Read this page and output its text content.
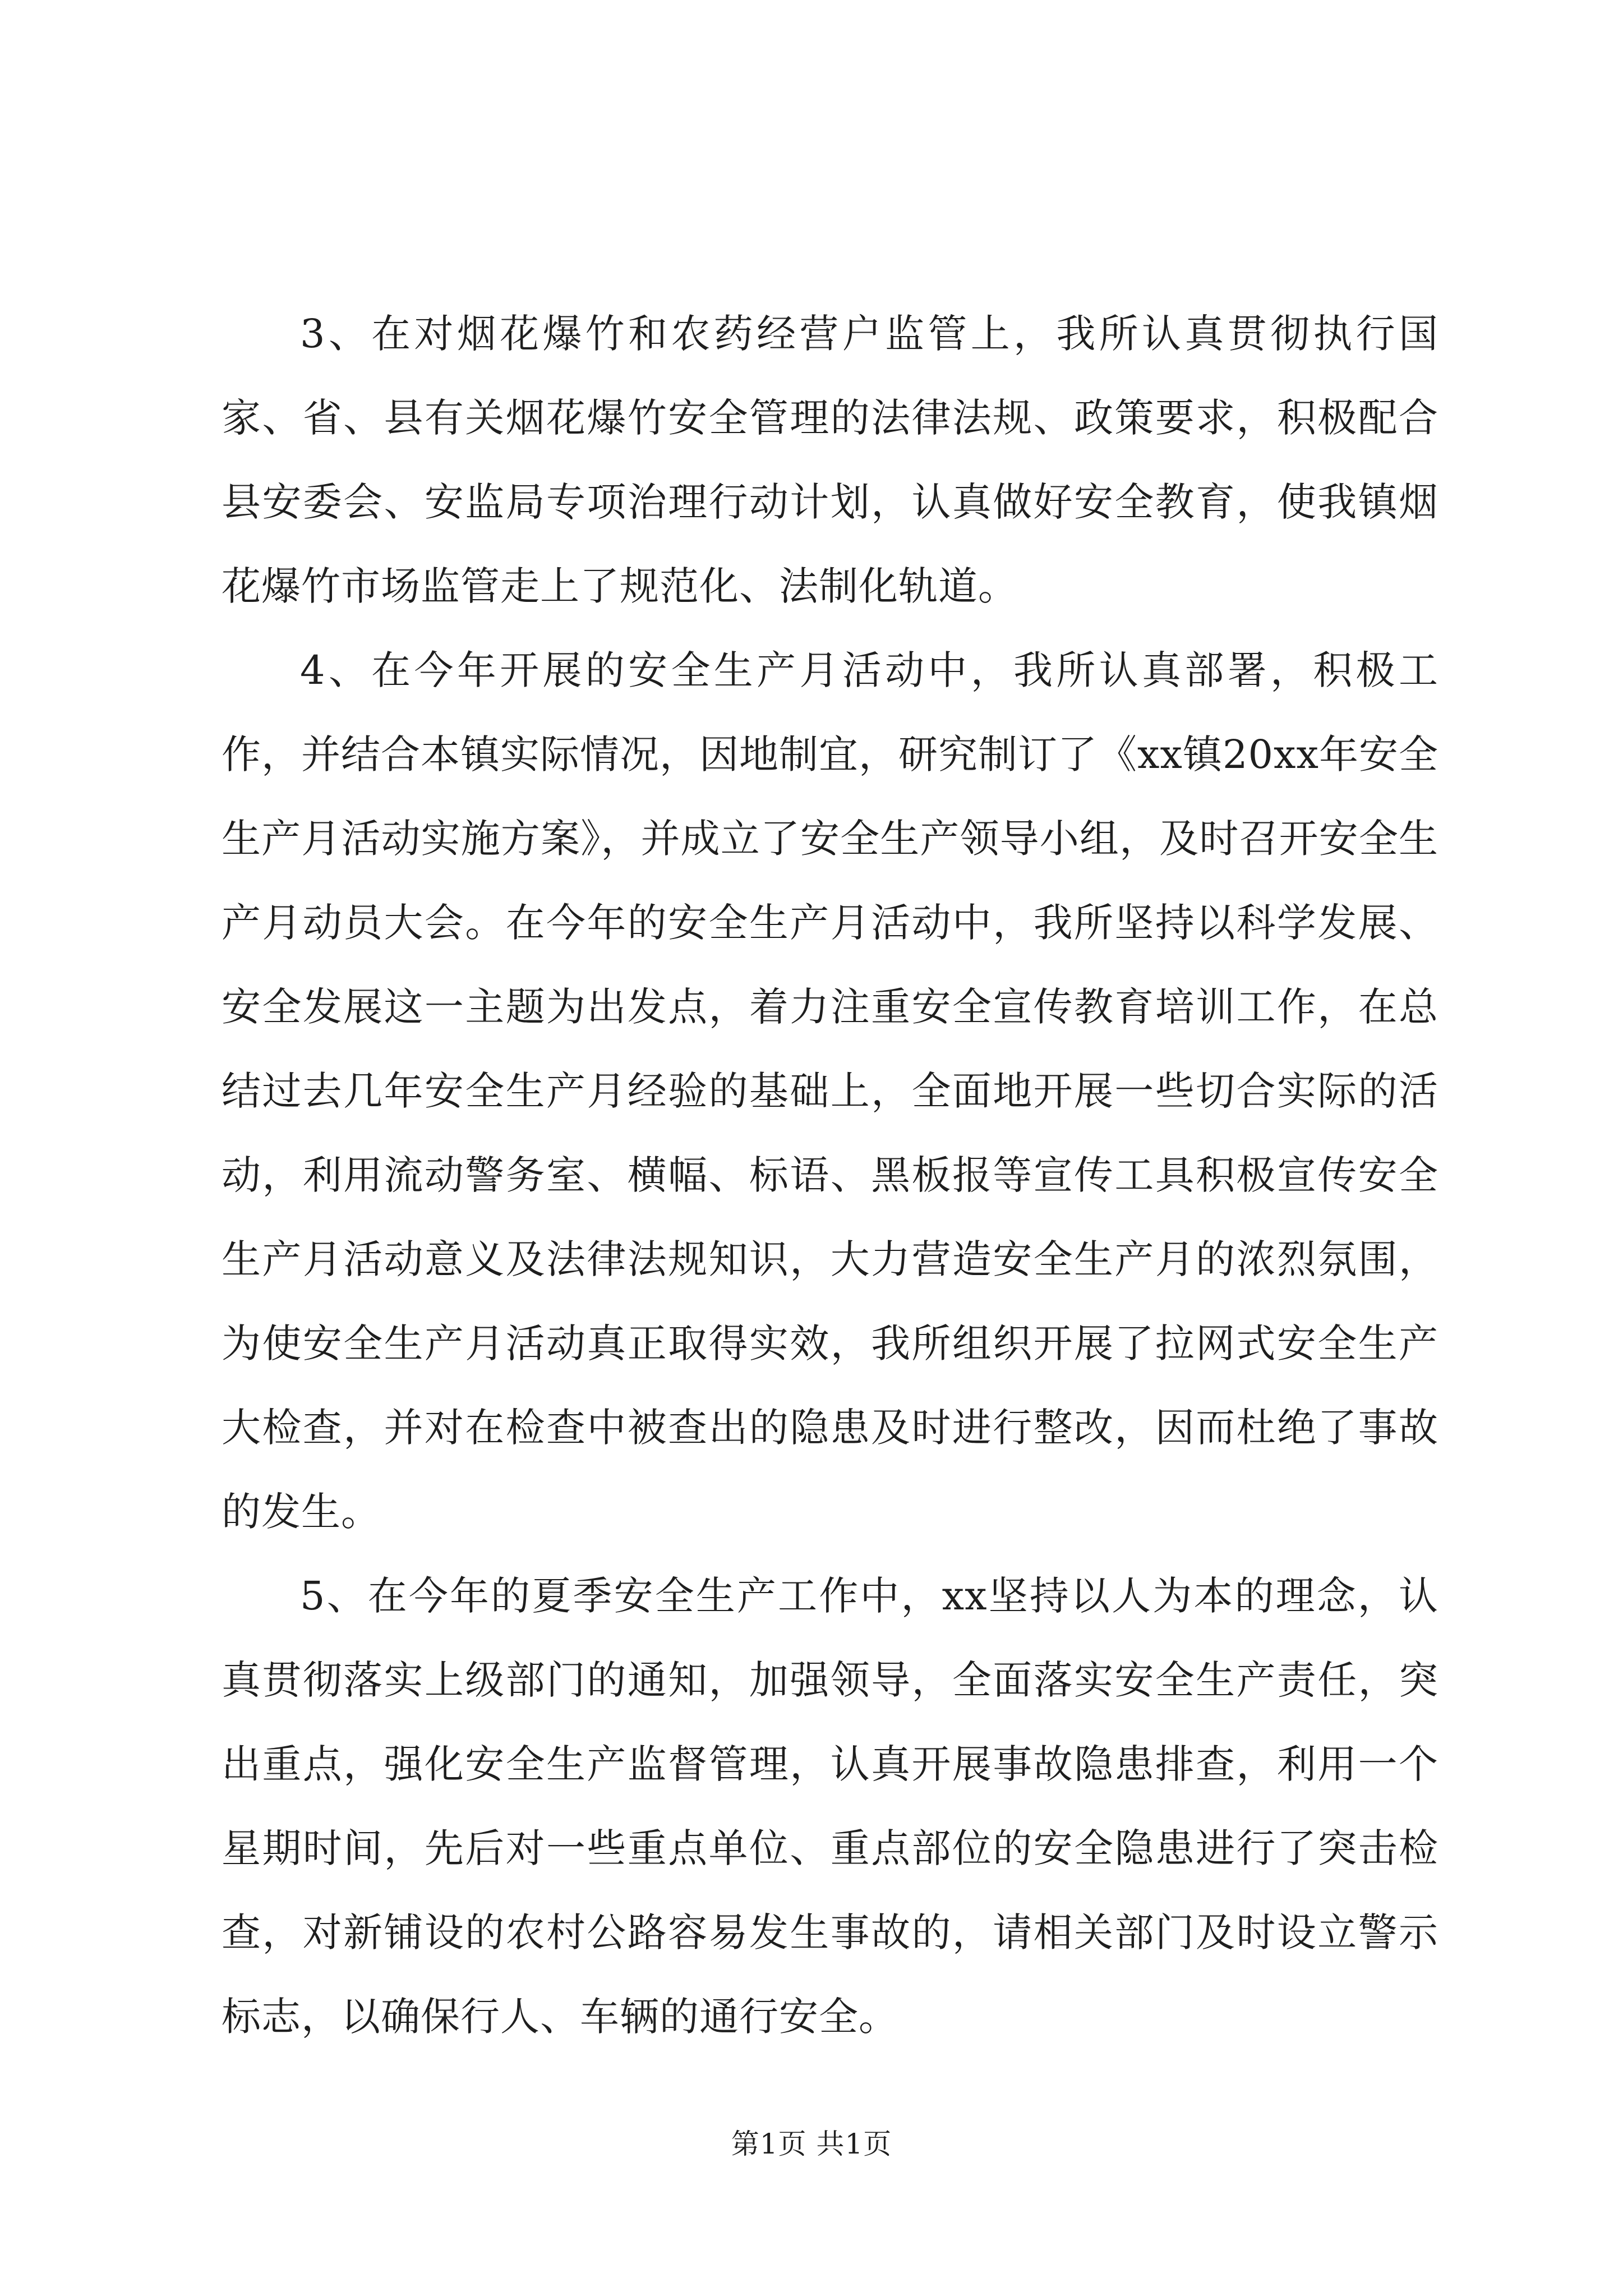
3、在对烟花爆竹和农药经营户监管上，我所认真贯彻执行国家、省、县有关烟花爆竹安全管理的法律法规、政策要求，积极配合县安委会、安监局专项治理行动计划，认真做好安全教育，使我镇烟花爆竹市场监管走上了规范化、法制化轨道。

4、在今年开展的安全生产月活动中，我所认真部署，积极工作，并结合本镇实际情况，因地制宜，研究制订了《xx镇20xx年安全生产月活动实施方案》，并成立了安全生产领导小组，及时召开安全生产月动员大会。在今年的安全生产月活动中，我所坚持以科学发展、安全发展这一主题为出发点，着力注重安全宣传教育培训工作，在总结过去几年安全生产月经验的基础上，全面地开展一些切合实际的活动，利用流动警务室、横幅、标语、黑板报等宣传工具积极宣传安全生产月活动意义及法律法规知识，大力营造安全生产月的浓烈氛围，为使安全生产月活动真正取得实效，我所组织开展了拉网式安全生产大检查，并对在检查中被查出的隐患及时进行整改，因而杜绝了事故的发生。

5、在今年的夏季安全生产工作中，xx坚持以人为本的理念，认真贯彻落实上级部门的通知，加强领导，全面落实安全生产责任，突出重点，强化安全生产监督管理，认真开展事故隐患排查，利用一个星期时间，先后对一些重点单位、重点部位的安全隐患进行了突击检查，对新铺设的农村公路容易发生事故的，请相关部门及时设立警示标志，以确保行人、车辆的通行安全。

第1页 共1页
